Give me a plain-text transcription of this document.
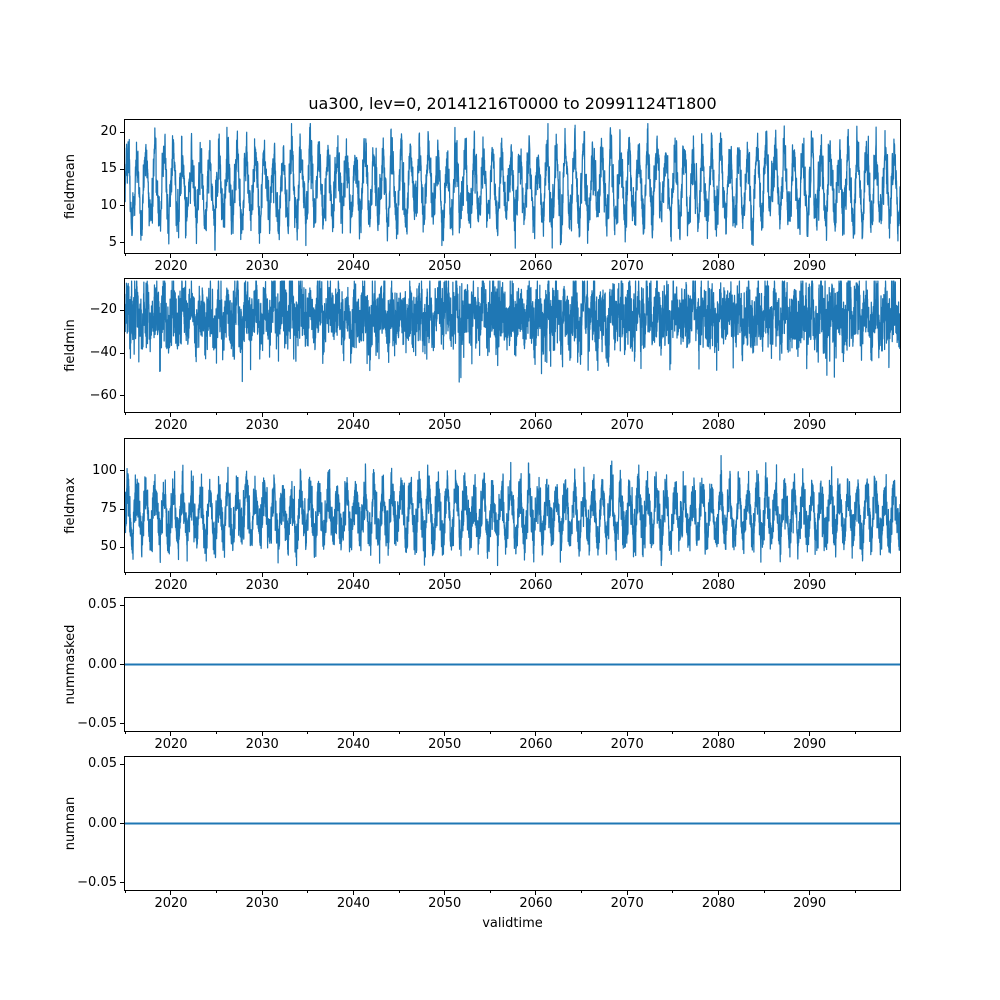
ua300, lev=0, 20141216T0000 to 20991124T1800
fieldmean
2020	2030	2040	2050	2060	2070	2080	2090
5
10
15
20
fieldmin
2020	2030	2040	2050	2060	2070	2080	2090
−20
−40
−60
fieldmax
2020	2030	2040	2050	2060	2070	2080	2090
50
75
100
nummasked
2020	2030	2040	2050	2060	2070	2080	2090
0.05
0.00
−0.05
numnan
2020	2030	2040	2050	2060	2070	2080	2090
0.05
0.00
−0.05
validtime
